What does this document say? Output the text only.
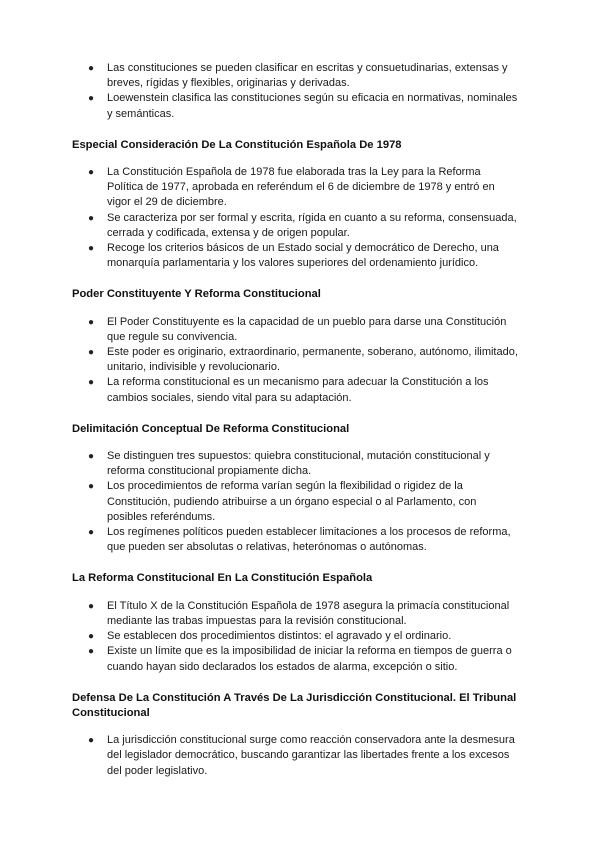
● Las constituciones se pueden clasificar en escritas y consuetudinarias, extensas y breves, rígidas y flexibles, originarias y derivadas.
● Loewenstein clasifica las constituciones según su eficacia en normativas, nominales y semánticas.
Especial Consideración De La Constitución Española De 1978
● La Constitución Española de 1978 fue elaborada tras la Ley para la Reforma Política de 1977, aprobada en referéndum el 6 de diciembre de 1978 y entró en vigor el 29 de diciembre.
● Se caracteriza por ser formal y escrita, rígida en cuanto a su reforma, consensuada, cerrada y codificada, extensa y de origen popular.
● Recoge los criterios básicos de un Estado social y democrático de Derecho, una monarquía parlamentaria y los valores superiores del ordenamiento jurídico.
Poder Constituyente Y Reforma Constitucional
● El Poder Constituyente es la capacidad de un pueblo para darse una Constitución que regule su convivencia.
● Este poder es originario, extraordinario, permanente, soberano, autónomo, ilimitado, unitario, indivisible y revolucionario.
● La reforma constitucional es un mecanismo para adecuar la Constitución a los cambios sociales, siendo vital para su adaptación.
Delimitación Conceptual De Reforma Constitucional
● Se distinguen tres supuestos: quiebra constitucional, mutación constitucional y reforma constitucional propiamente dicha.
● Los procedimientos de reforma varían según la flexibilidad o rigidez de la Constitución, pudiendo atribuirse a un órgano especial o al Parlamento, con posibles referéndums.
● Los regímenes políticos pueden establecer limitaciones a los procesos de reforma, que pueden ser absolutas o relativas, heterónomas o autónomas.
La Reforma Constitucional En La Constitución Española
● El Título X de la Constitución Española de 1978 asegura la primacía constitucional mediante las trabas impuestas para la revisión constitucional.
● Se establecen dos procedimientos distintos: el agravado y el ordinario.
● Existe un límite que es la imposibilidad de iniciar la reforma en tiempos de guerra o cuando hayan sido declarados los estados de alarma, excepción o sitio.
Defensa De La Constitución A Través De La Jurisdicción Constitucional. El Tribunal Constitucional
● La jurisdicción constitucional surge como reacción conservadora ante la desmesura del legislador democrático, buscando garantizar las libertades frente a los excesos del poder legislativo.
